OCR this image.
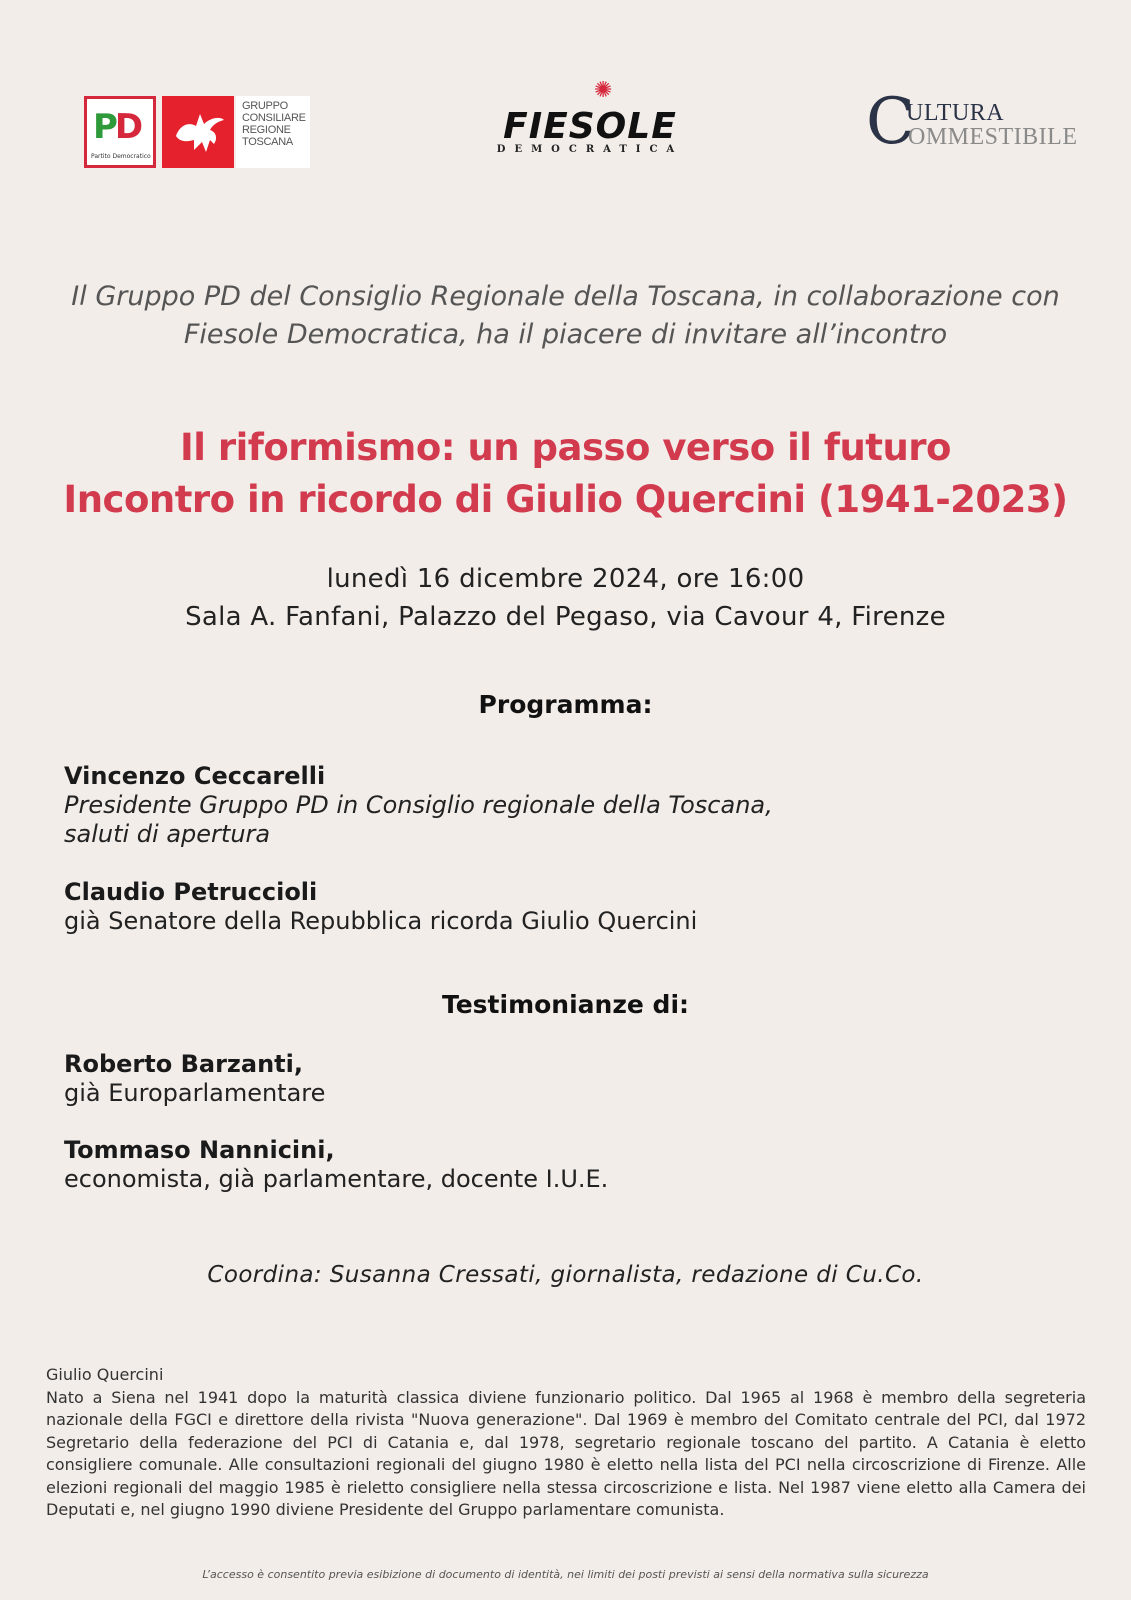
PD
Partito Democratico
GRUPPO
CONSILIARE
REGIONE
TOSCANA
✺
FIESOLE
DEMOCRATICA	C
ULTURA
OMMESTIBILE
Il Gruppo PD del Consiglio Regionale della Toscana, in collaborazione con
Fiesole Democratica, ha il piacere di invitare all’incontro
Il riformismo: un passo verso il futuro
Incontro in ricordo di Giulio Quercini (1941-2023)
lunedì 16 dicembre 2024, ore 16:00
Sala A. Fanfani, Palazzo del Pegaso, via Cavour 4, Firenze
Programma:
Vincenzo Ceccarelli
Presidente Gruppo PD in Consiglio regionale della Toscana,
saluti di apertura
Claudio Petruccioli
già Senatore della Repubblica ricorda Giulio Quercini
Testimonianze di:
Roberto Barzanti,
già Europarlamentare
Tommaso Nannicini,
economista, già parlamentare, docente I.U.E.
Coordina: Susanna Cressati, giornalista, redazione di Cu.Co.
Giulio Quercini
Nato a Siena nel 1941 dopo la maturità classica diviene funzionario politico. Dal 1965 al 1968 è membro della segreteria nazionale della FGCI e direttore della rivista "Nuova generazione". Dal 1969 è membro del Comitato centrale del PCI, dal 1972 Segretario della federazione del PCI di Catania e, dal 1978, segretario regionale toscano del partito. A Catania è eletto consigliere comunale. Alle consultazioni regionali del giugno 1980 è eletto nella lista del PCI nella circoscrizione di Firenze. Alle elezioni regionali del maggio 1985 è rieletto consigliere nella stessa circoscrizione e lista. Nel 1987 viene eletto alla Camera dei Deputati e, nel giugno 1990 diviene Presidente del Gruppo parlamentare comunista.
L’accesso è consentito previa esibizione di documento di identità, nei limiti dei posti previsti ai sensi della normativa sulla sicurezza
